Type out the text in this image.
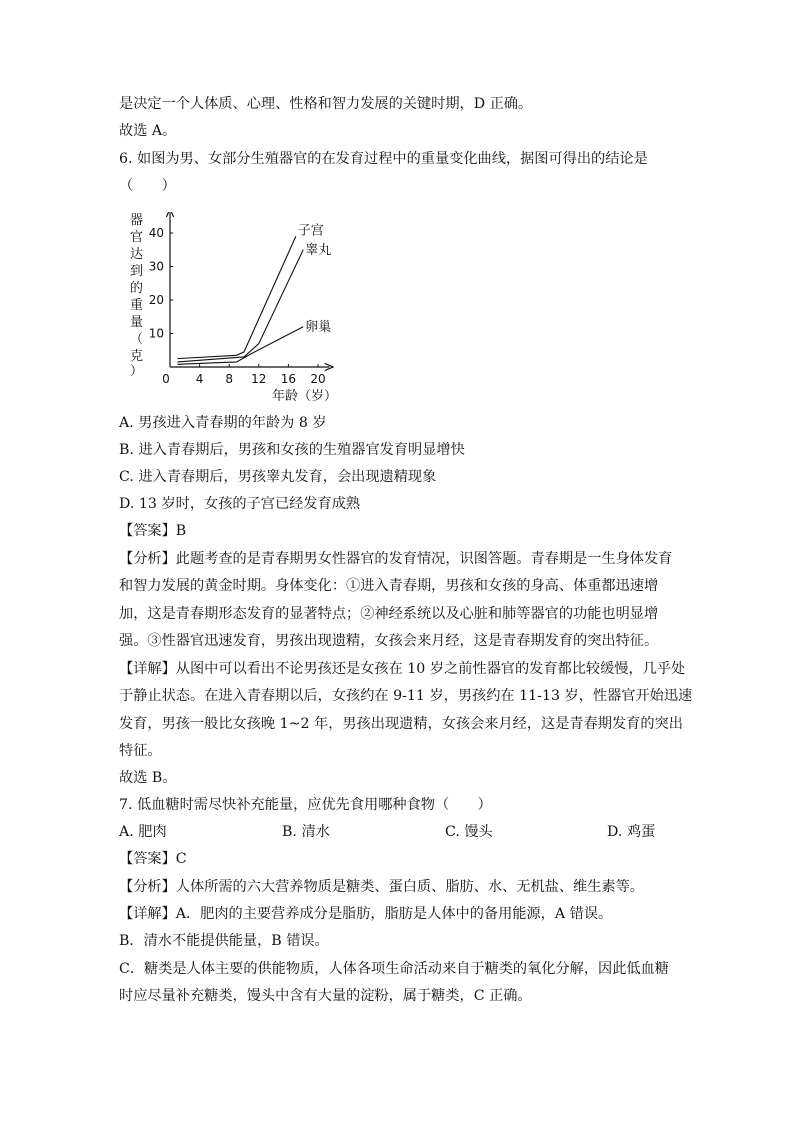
是决定一个人体质、心理、性格和智力发展的关键时期，D 正确。
故选 A。
6. 如图为男、女部分生殖器官的在发育过程中的重量变化曲线，据图可得出的结论是
（　　）
器
官
达
到
的
重
量
（
克
） 0 4 8 12 16 20
10
20
30
40	子宫
睾丸
卵巢
年龄（岁）
A. 男孩进入青春期的年龄为 8 岁
B. 进入青春期后，男孩和女孩的生殖器官发育明显增快
C. 进入青春期后，男孩睾丸发育，会出现遗精现象
D. 13 岁时，女孩的子宫已经发育成熟
【答案】B
【分析】此题考查的是青春期男女性器官的发育情况，识图答题。青春期是一生身体发育
和智力发展的黄金时期。身体变化：①进入青春期，男孩和女孩的身高、体重都迅速增
加，这是青春期形态发育的显著特点；②神经系统以及心脏和肺等器官的功能也明显增
强。③性器官迅速发育，男孩出现遗精，女孩会来月经，这是青春期发育的突出特征。
【详解】从图中可以看出不论男孩还是女孩在 10 岁之前性器官的发育都比较缓慢，几乎处
于静止状态。在进入青春期以后，女孩约在 9-11 岁，男孩约在 11-13 岁，性器官开始迅速
发育，男孩一般比女孩晚 1~2 年，男孩出现遗精，女孩会来月经，这是青春期发育的突出
特征。
故选 B。
7. 低血糖时需尽快补充能量，应优先食用哪种食物（　　）
A. 肥肉	B. 清水	C. 馒头	D. 鸡蛋
【答案】C
【分析】人体所需的六大营养物质是糖类、蛋白质、脂肪、水、无机盐、维生素等。
【详解】A．肥肉的主要营养成分是脂肪，脂肪是人体中的备用能源，A 错误。
B．清水不能提供能量，B 错误。
C．糖类是人体主要的供能物质，人体各项生命活动来自于糖类的氧化分解，因此低血糖
时应尽量补充糖类，馒头中含有大量的淀粉，属于糖类，C 正确。
